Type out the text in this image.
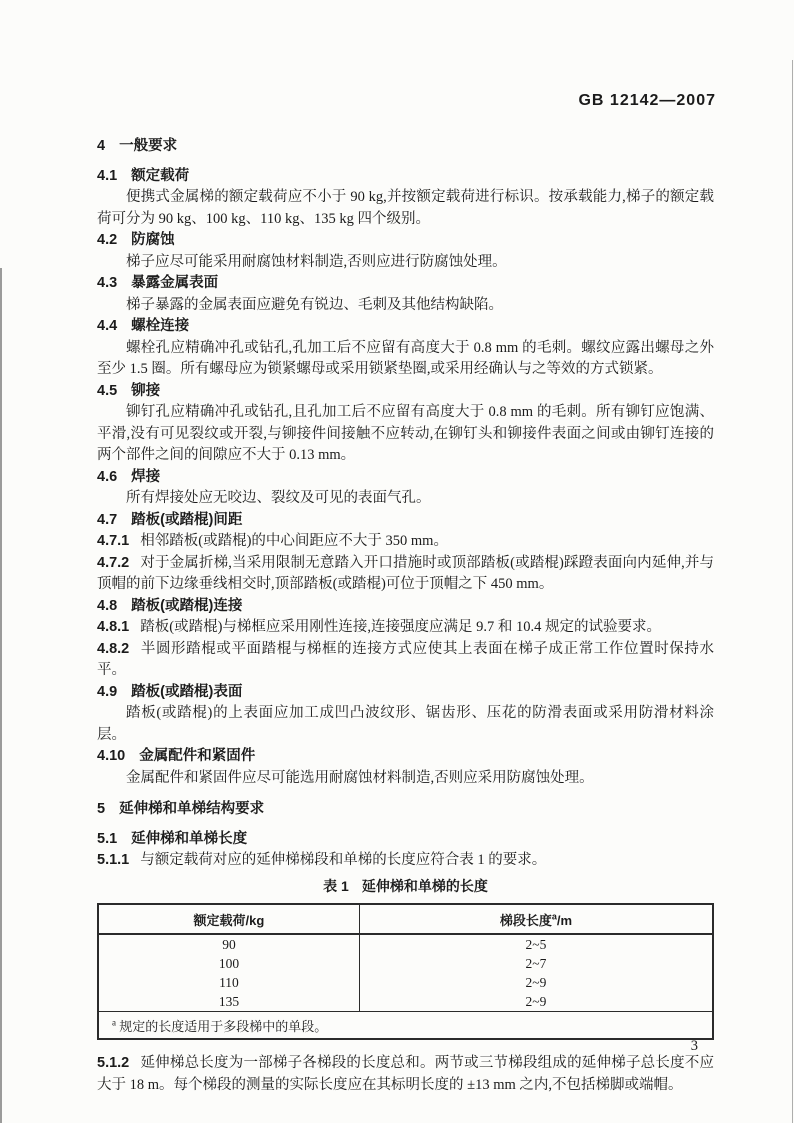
GB 12142—2007

4 一般要求

4.1 额定载荷

便携式金属梯的额定载荷应不小于 90 kg,并按额定载荷进行标识。按承载能力,梯子的额定载荷可分为 90 kg、100 kg、110 kg、135 kg 四个级别。

4.2 防腐蚀

梯子应尽可能采用耐腐蚀材料制造,否则应进行防腐蚀处理。

4.3 暴露金属表面

梯子暴露的金属表面应避免有锐边、毛刺及其他结构缺陷。

4.4 螺栓连接

螺栓孔应精确冲孔或钻孔,孔加工后不应留有高度大于 0.8 mm 的毛刺。螺纹应露出螺母之外至少 1.5 圈。所有螺母应为锁紧螺母或采用锁紧垫圈,或采用经确认与之等效的方式锁紧。

4.5 铆接

铆钉孔应精确冲孔或钻孔,且孔加工后不应留有高度大于 0.8 mm 的毛刺。所有铆钉应饱满、平滑,没有可见裂纹或开裂,与铆接件间接触不应转动,在铆钉头和铆接件表面之间或由铆钉连接的两个部件之间的间隙应不大于 0.13 mm。

4.6 焊接

所有焊接处应无咬边、裂纹及可见的表面气孔。

4.7 踏板(或踏棍)间距

4.7.1 相邻踏板(或踏棍)的中心间距应不大于 350 mm。

4.7.2 对于金属折梯,当采用限制无意踏入开口措施时或顶部踏板(或踏棍)踩蹬表面向内延伸,并与顶帽的前下边缘垂线相交时,顶部踏板(或踏棍)可位于顶帽之下 450 mm。

4.8 踏板(或踏棍)连接

4.8.1 踏板(或踏棍)与梯框应采用刚性连接,连接强度应满足 9.7 和 10.4 规定的试验要求。

4.8.2 半圆形踏棍或平面踏棍与梯框的连接方式应使其上表面在梯子成正常工作位置时保持水平。

4.9 踏板(或踏棍)表面

踏板(或踏棍)的上表面应加工成凹凸波纹形、锯齿形、压花的防滑表面或采用防滑材料涂层。

4.10 金属配件和紧固件

金属配件和紧固件应尽可能选用耐腐蚀材料制造,否则应采用防腐蚀处理。

5 延伸梯和单梯结构要求

5.1 延伸梯和单梯长度

5.1.1 与额定载荷对应的延伸梯梯段和单梯的长度应符合表 1 的要求。

表 1 延伸梯和单梯的长度
额定载荷/kg	梯段长度$^a$/m
90	2~5
100	2~7
110	2~9
135	2~9
$^a$ 规定的长度适用于多段梯中的单段。	

5.1.2 延伸梯总长度为一部梯子各梯段的长度总和。两节或三节梯段组成的延伸梯子总长度不应大于 18 m。每个梯段的测量的实际长度应在其标明长度的 ±13 mm 之内,不包括梯脚或端帽。

3
